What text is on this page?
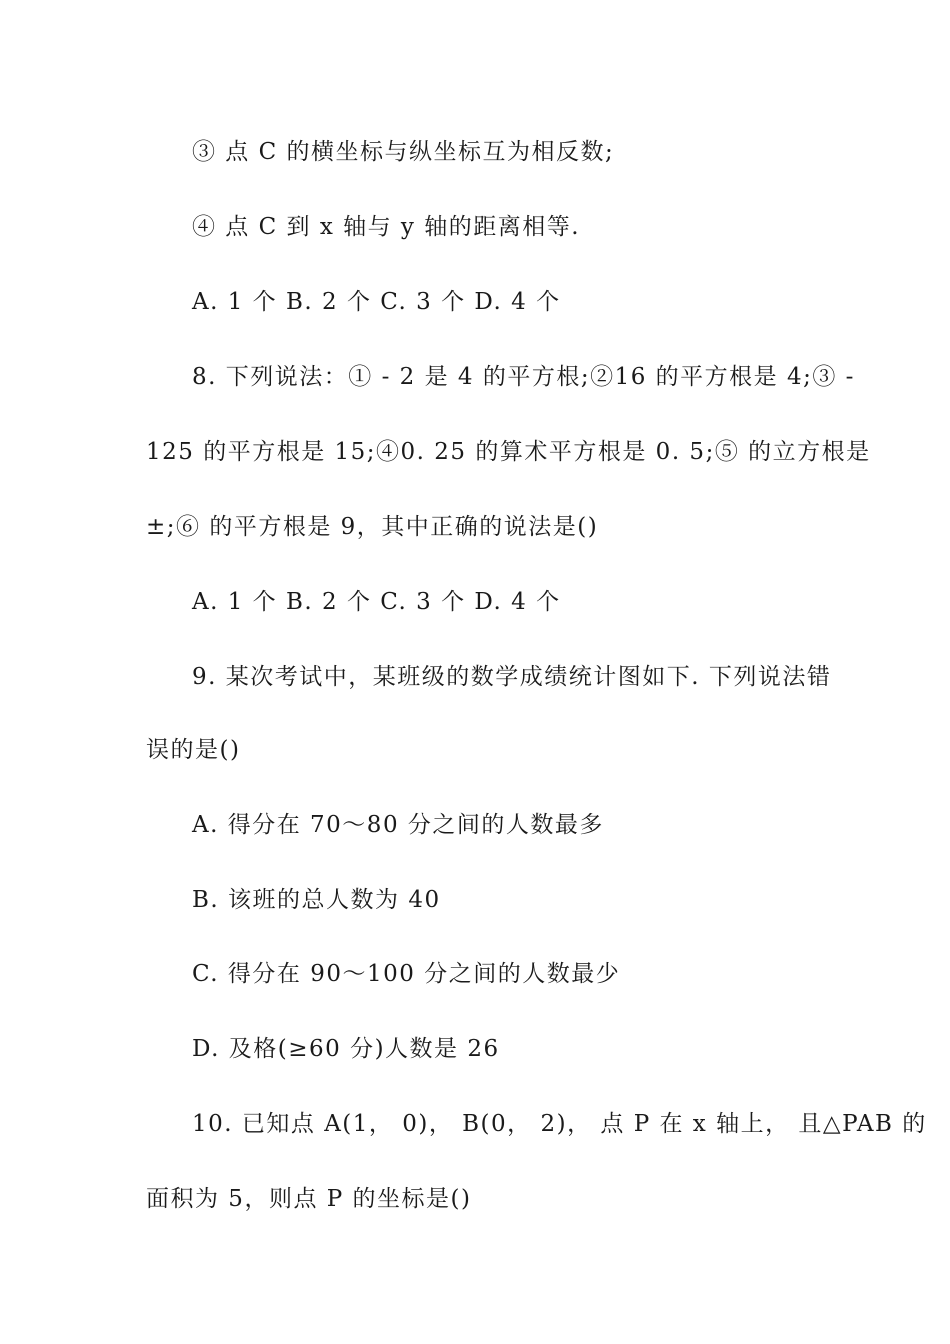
③ 点 C 的横坐标与纵坐标互为相反数;
④ 点 C 到 x 轴与 y 轴的距离相等.
A. 1 个 B. 2 个 C. 3 个 D. 4 个
8. 下列说法：① - 2 是 4 的平方根;②16 的平方根是 4;③ -
125 的平方根是 15;④0. 25 的算术平方根是 0. 5;⑤ 的立方根是
±;⑥ 的平方根是 9，其中正确的说法是()
A. 1 个 B. 2 个 C. 3 个 D. 4 个
9. 某次考试中，某班级的数学成绩统计图如下. 下列说法错
误的是()
A. 得分在 70～80 分之间的人数最多
B. 该班的总人数为 40
C. 得分在 90～100 分之间的人数最少
D. 及格(≥60 分)人数是 26
10. 已知点 A(1， 0)， B(0， 2)， 点 P 在 x 轴上， 且△PAB 的
面积为 5，则点 P 的坐标是()
